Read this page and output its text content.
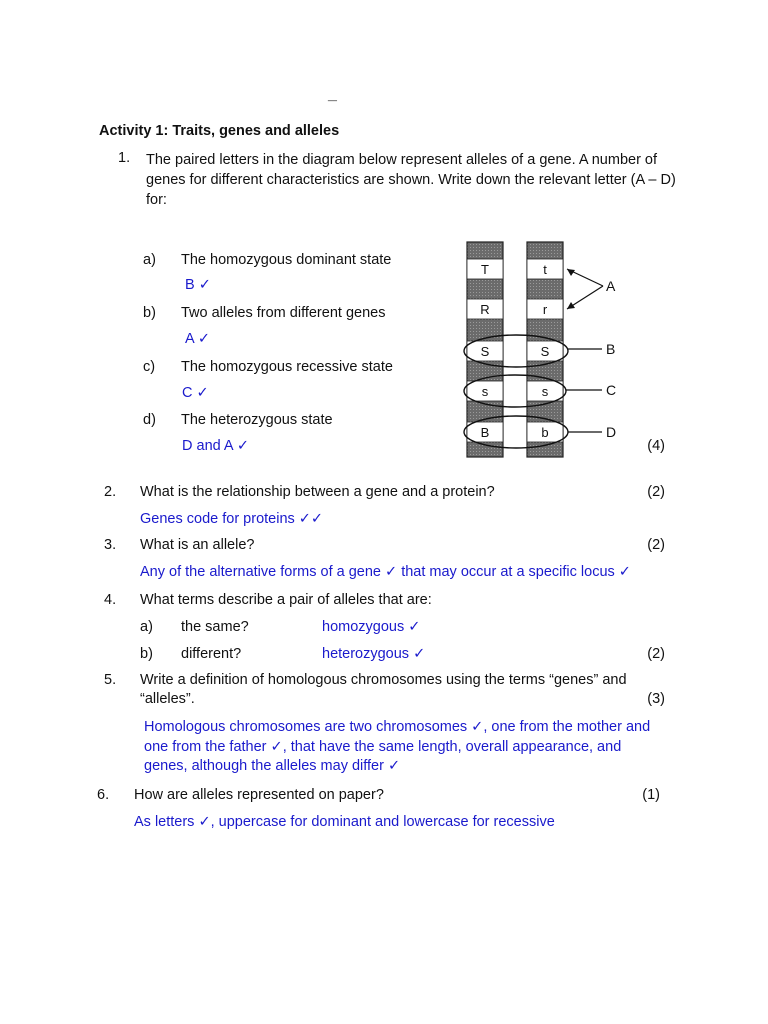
_
Activity 1: Traits, genes and alleles
1. The paired letters in the diagram below represent alleles of a gene. A number of genes for different characteristics are shown. Write down the relevant letter (A – D) for:
a) The homozygous dominant state
B ✓
b) Two alleles from different genes
A ✓
c) The homozygous recessive state
C ✓
d) The heterozygous state
D and A ✓	(4)
T	t
R	r
S	S
s	s
B	b
A
B
C
D
2. What is the relationship between a gene and a protein?	(2)
Genes code for proteins ✓✓
3. What is an allele?	(2)
Any of the alternative forms of a gene ✓ that may occur at a specific locus ✓
4. What terms describe a pair of alleles that are:
a) the same?	homozygous ✓
b) different?	heterozygous ✓	(2)
5. Write a definition of homologous chromosomes using the terms “genes” and
“alleles”.	(3)
Homologous chromosomes are two chromosomes ✓, one from the mother and one from the father ✓, that have the same length, overall appearance, and genes, although the alleles may differ ✓
6. How are alleles represented on paper?	(1)
As letters ✓, uppercase for dominant and lowercase for recessive
